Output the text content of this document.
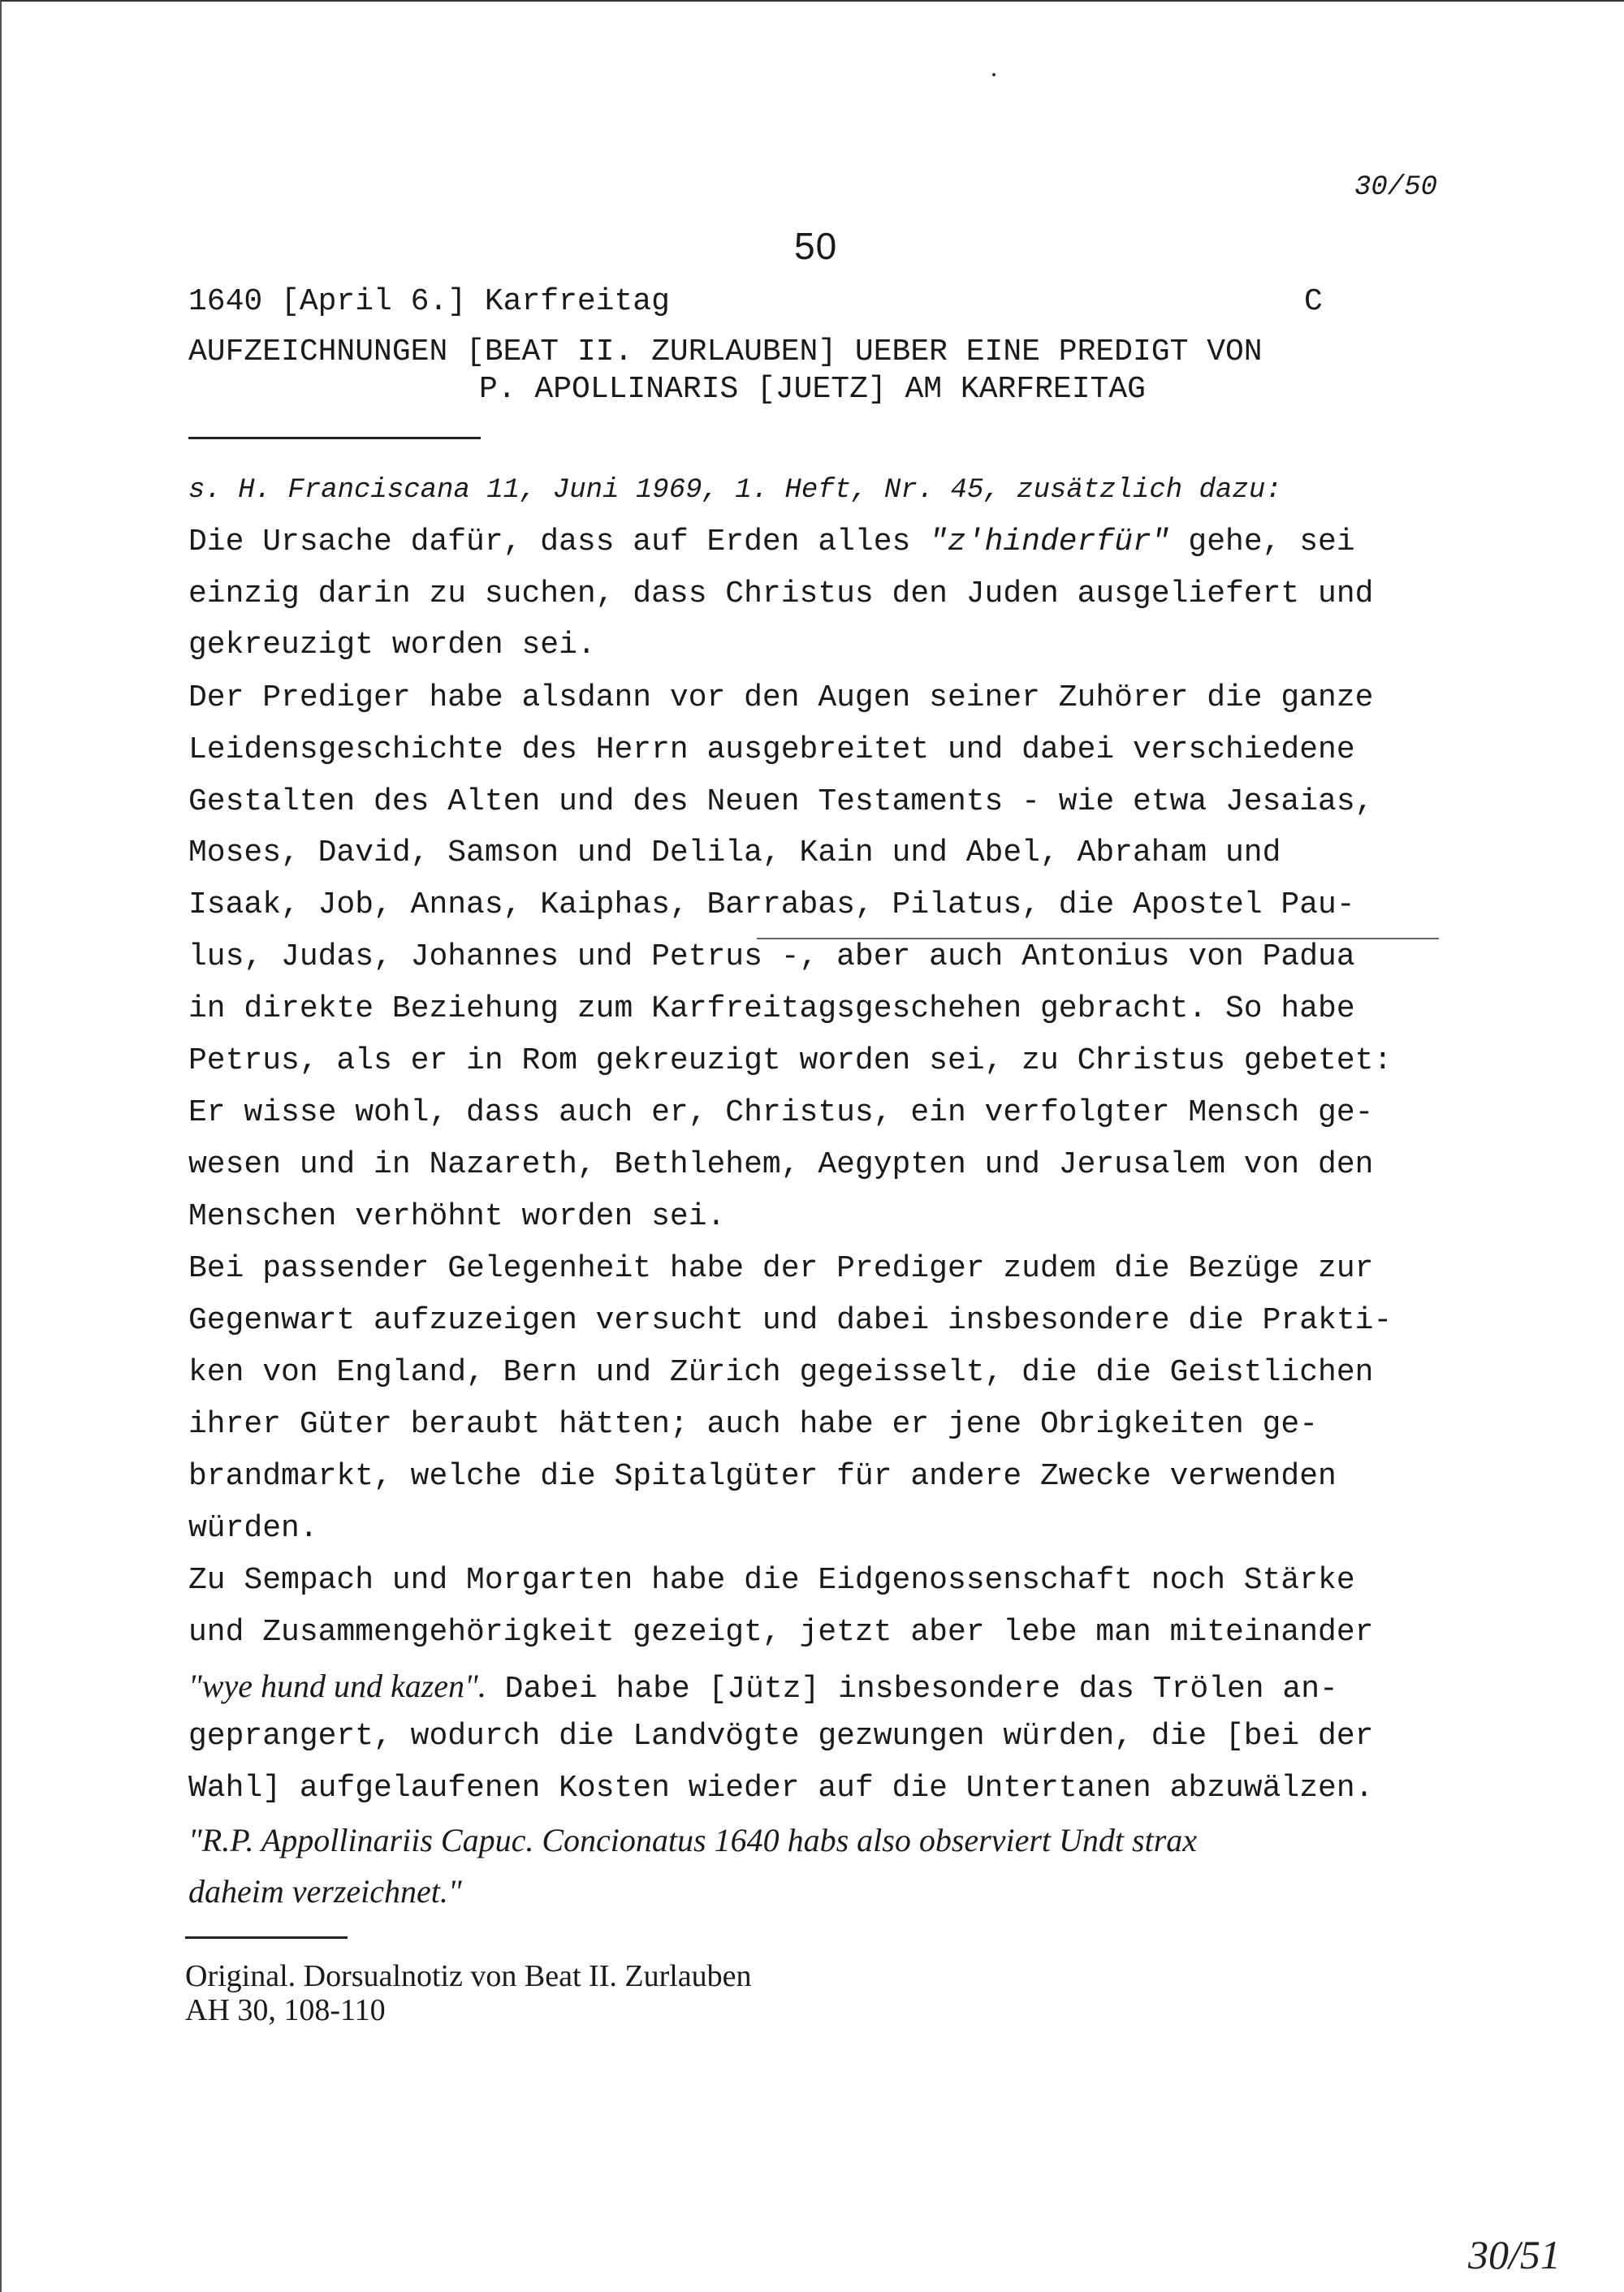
30/50
50
1640 [April 6.] Karfreitag	C
AUFZEICHNUNGEN [BEAT II. ZURLAUBEN] UEBER EINE PREDIGT VON
P. APOLLINARIS [JUETZ] AM KARFREITAG
s. H. Franciscana 11, Juni 1969, 1. Heft, Nr. 45, zusätzlich dazu:
Die Ursache dafür, dass auf Erden alles "z'hinderfür" gehe, sei
einzig darin zu suchen, dass Christus den Juden ausgeliefert und
gekreuzigt worden sei.
Der Prediger habe alsdann vor den Augen seiner Zuhörer die ganze
Leidensgeschichte des Herrn ausgebreitet und dabei verschiedene
Gestalten des Alten und des Neuen Testaments - wie etwa Jesaias,
Moses, David, Samson und Delila, Kain und Abel, Abraham und
Isaak, Job, Annas, Kaiphas, Barrabas, Pilatus, die Apostel Pau-
lus, Judas, Johannes und Petrus -, aber auch Antonius von Padua
in direkte Beziehung zum Karfreitagsgeschehen gebracht. So habe
Petrus, als er in Rom gekreuzigt worden sei, zu Christus gebetet:
Er wisse wohl, dass auch er, Christus, ein verfolgter Mensch ge-
wesen und in Nazareth, Bethlehem, Aegypten und Jerusalem von den
Menschen verhöhnt worden sei.
Bei passender Gelegenheit habe der Prediger zudem die Bezüge zur
Gegenwart aufzuzeigen versucht und dabei insbesondere die Prakti-
ken von England, Bern und Zürich gegeisselt, die die Geistlichen
ihrer Güter beraubt hätten; auch habe er jene Obrigkeiten ge-
brandmarkt, welche die Spitalgüter für andere Zwecke verwenden
würden.
Zu Sempach und Morgarten habe die Eidgenossenschaft noch Stärke
und Zusammengehörigkeit gezeigt, jetzt aber lebe man miteinander
"wye hund und kazen". Dabei habe [Jütz] insbesondere das Trölen an-
geprangert, wodurch die Landvögte gezwungen würden, die [bei der
Wahl] aufgelaufenen Kosten wieder auf die Untertanen abzuwälzen.
"R.P. Appollinariis Capuc. Concionatus 1640 habs also observiert Undt strax
daheim verzeichnet."
Original. Dorsualnotiz von Beat II. Zurlauben
AH 30, 108-110
30/51
